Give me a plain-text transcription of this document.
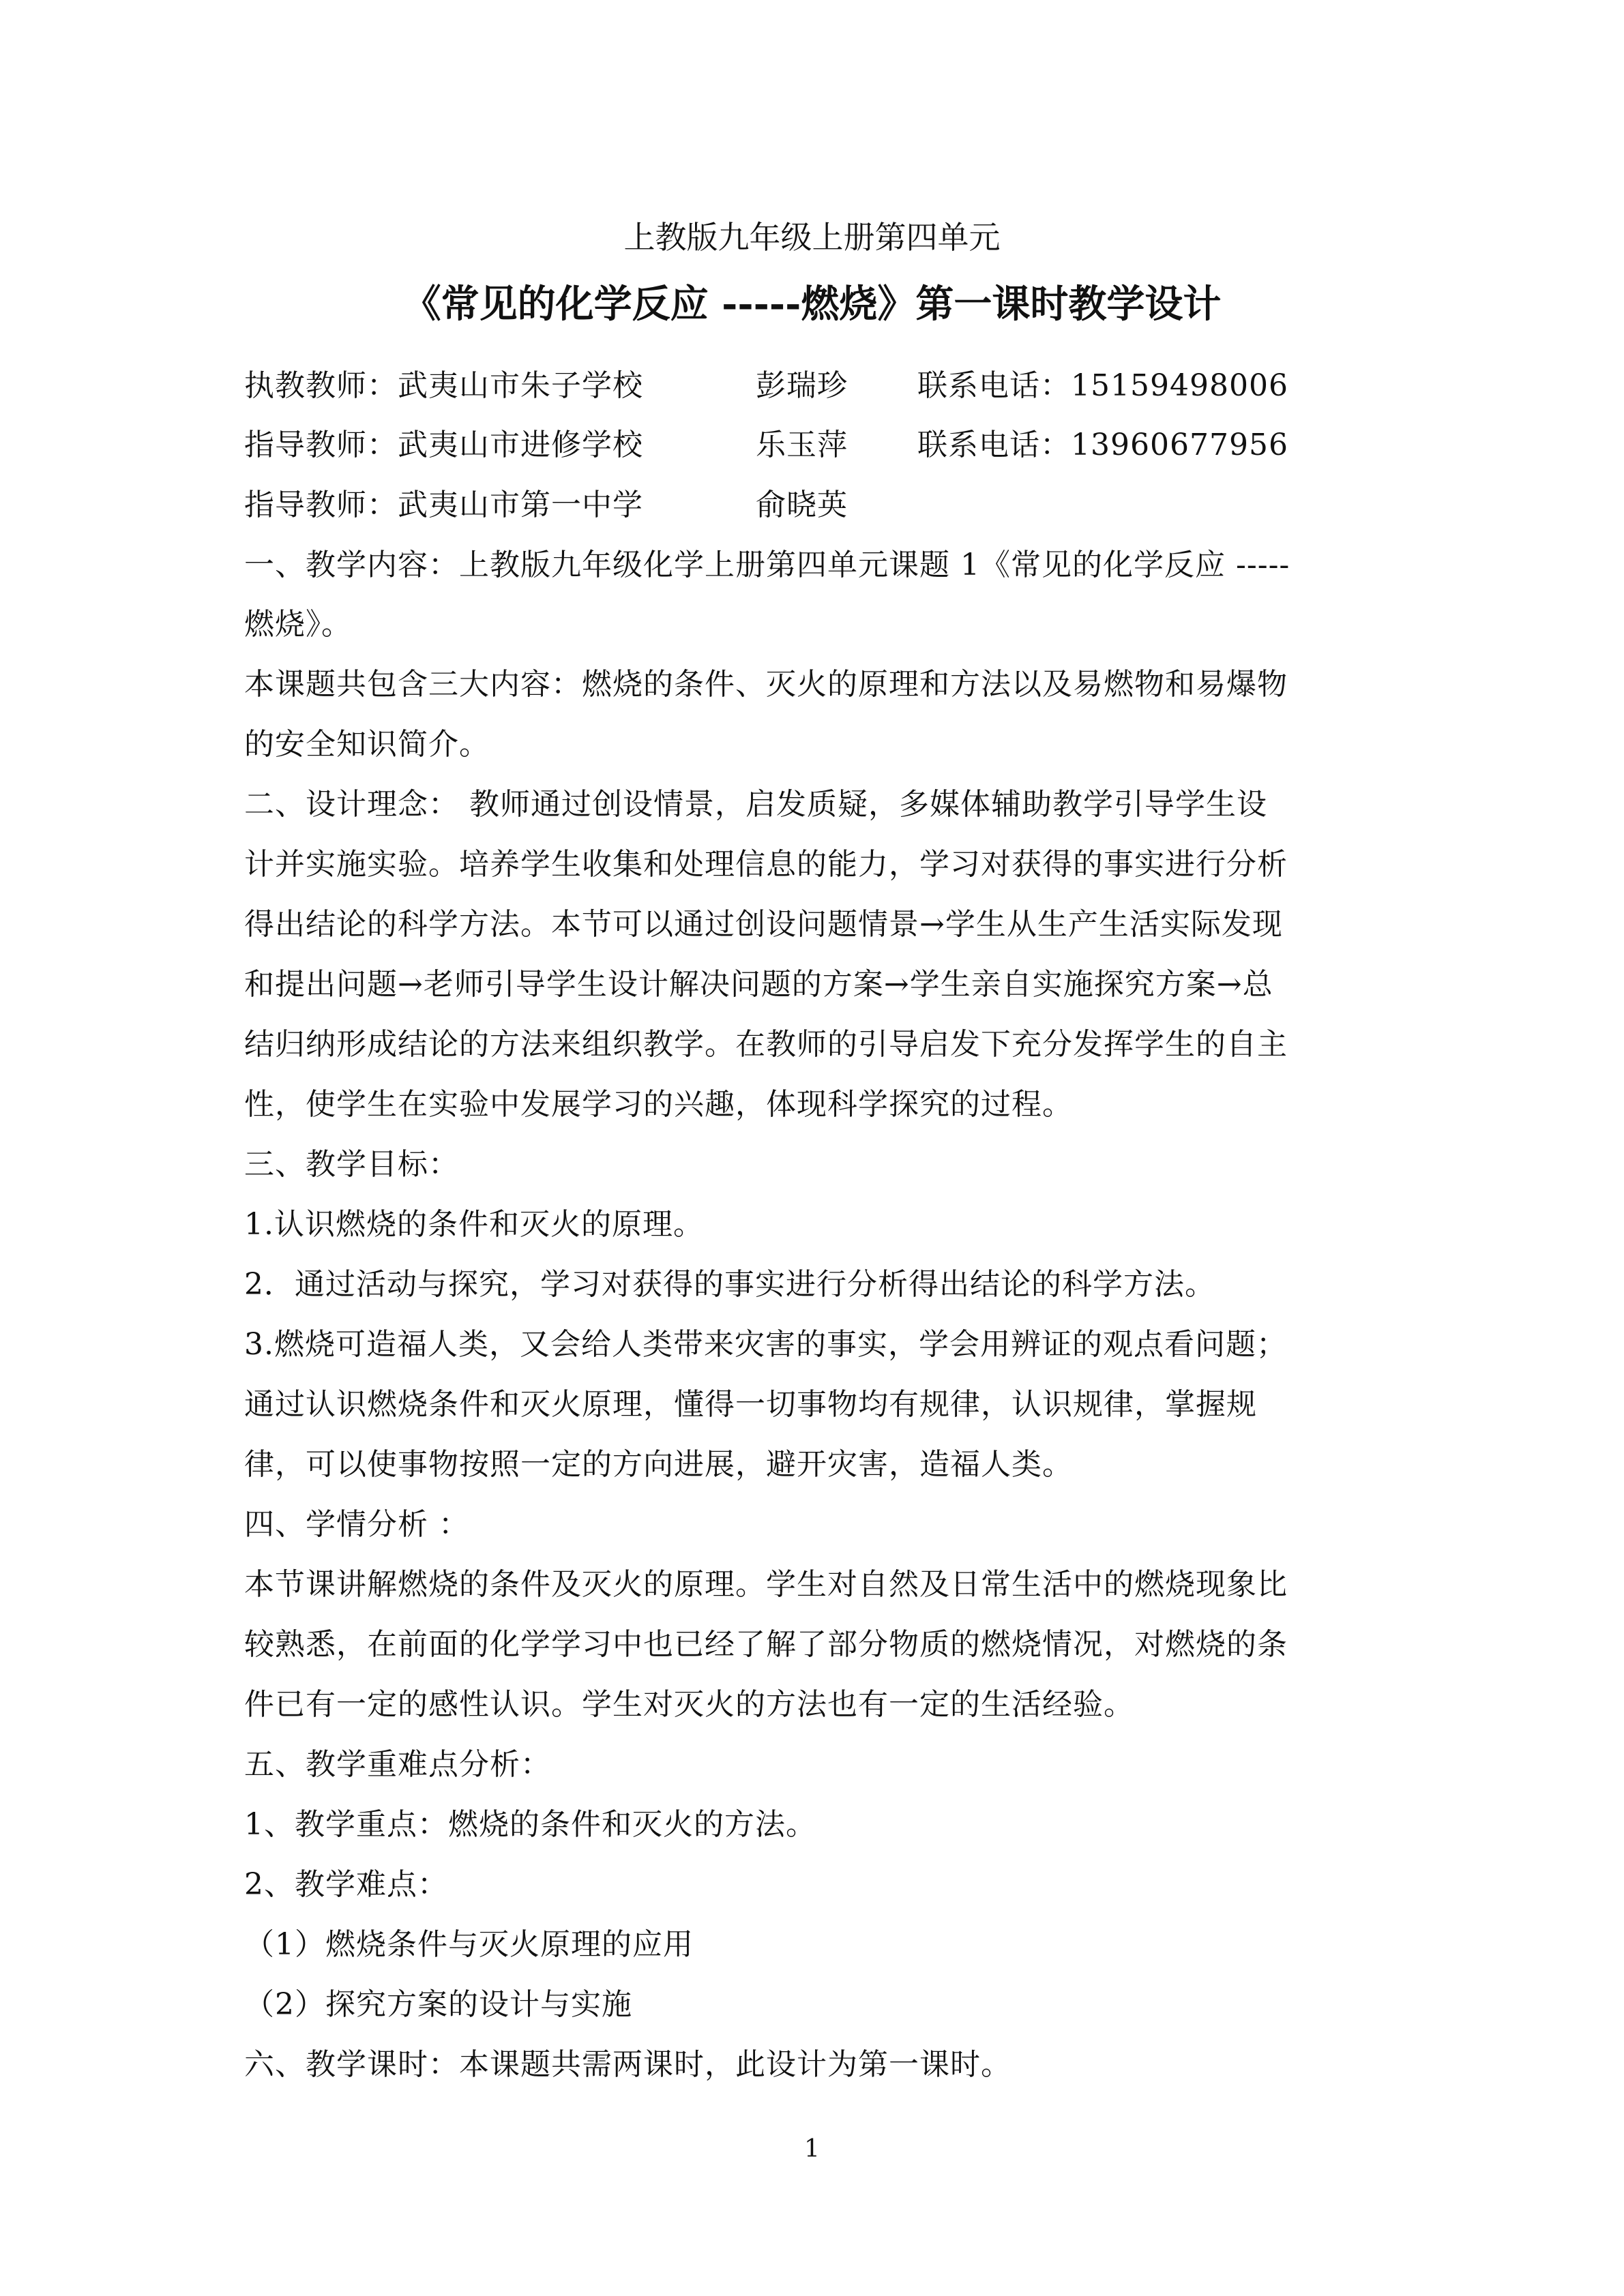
上教版九年级上册第四单元
《常见的化学反应 -----燃烧》第一课时教学设计
执教教师：武夷山市朱子学校	彭瑞珍 联系电话：15159498006
指导教师：武夷山市进修学校	乐玉萍 联系电话：13960677956
指导教师：武夷山市第一中学	俞晓英
一、教学内容：上教版九年级化学上册第四单元课题 1《常见的化学反应 -----
燃烧》。
本课题共包含三大内容：燃烧的条件、灭火的原理和方法以及易燃物和易爆物
的安全知识简介。
二、设计理念： 教师通过创设情景，启发质疑，多媒体辅助教学引导学生设
计并实施实验。培养学生收集和处理信息的能力，学习对获得的事实进行分析
得出结论的科学方法。本节可以通过创设问题情景→学生从生产生活实际发现
和提出问题→老师引导学生设计解决问题的方案→学生亲自实施探究方案→总
结归纳形成结论的方法来组织教学。在教师的引导启发下充分发挥学生的自主
性，使学生在实验中发展学习的兴趣，体现科学探究的过程。
三、教学目标：
1.认识燃烧的条件和灭火的原理。
2．通过活动与探究，学习对获得的事实进行分析得出结论的科学方法。
3.燃烧可造福人类，又会给人类带来灾害的事实，学会用辨证的观点看问题；
通过认识燃烧条件和灭火原理，懂得一切事物均有规律，认识规律，掌握规
律，可以使事物按照一定的方向进展，避开灾害，造福人类。
四、学情分析 ：
本节课讲解燃烧的条件及灭火的原理。学生对自然及日常生活中的燃烧现象比
较熟悉，在前面的化学学习中也已经了解了部分物质的燃烧情况，对燃烧的条
件已有一定的感性认识。学生对灭火的方法也有一定的生活经验。
五、教学重难点分析：
1、教学重点：燃烧的条件和灭火的方法。
2、教学难点：
（1）燃烧条件与灭火原理的应用
（2）探究方案的设计与实施
六、教学课时：本课题共需两课时，此设计为第一课时。
1
